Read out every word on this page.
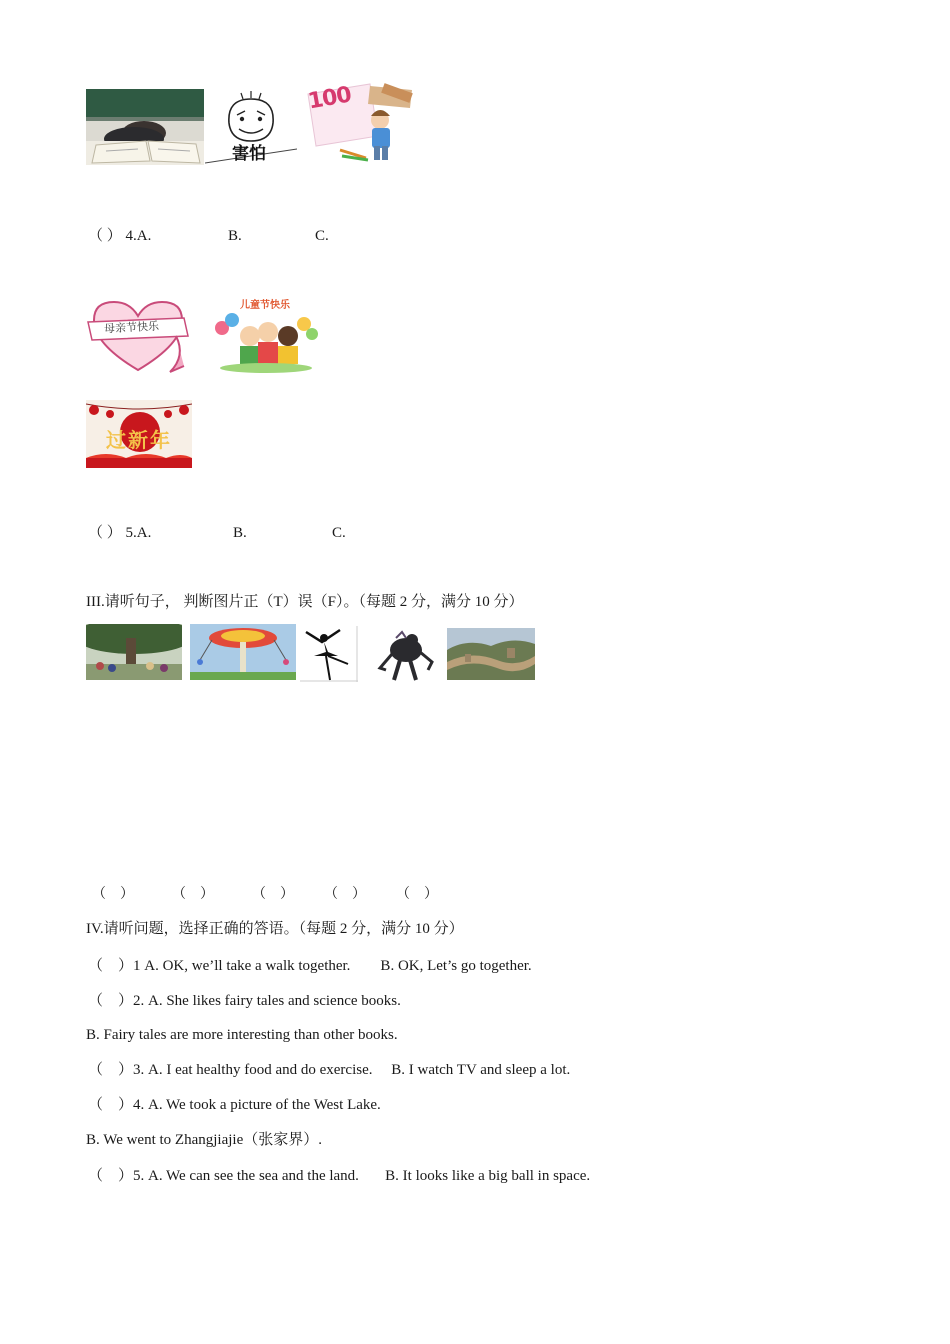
害怕
100
（ ） 4.A.	B.	C.
母亲节快乐
儿童节快乐
过新年
（ ） 5.A.	B.	C.
III.请听句子， 判断图片正（T）误（F）。（每题 2 分，满分 10 分）
（　）	（　）	（　） （　） （　）
IV.请听问题，选择正确的答语。（每题 2 分，满分 10 分）
（　）1 A. OK, we’ll take a walk together.        B. OK, Let’s go together.
（　）2. A. She likes fairy tales and science books.
B. Fairy tales are more interesting than other books.
（　）3. A. I eat healthy food and do exercise.     B. I watch TV and sleep a lot.
（　）4. A. We took a picture of the West Lake.
B. We went to Zhangjiajie（张家界）.
（　）5. A. We can see the sea and the land.       B. It looks like a big ball in space.
